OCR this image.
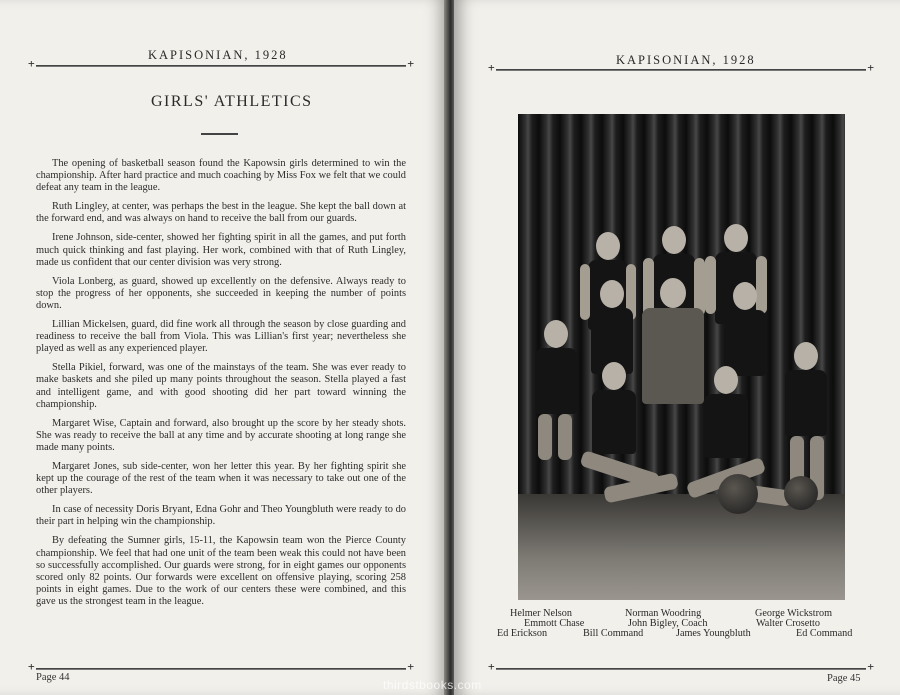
KAPISONIAN, 1928
+ +
GIRLS' ATHLETICS

The opening of basketball season found the Kapowsin girls determined to win the championship. After hard practice and much coaching by Miss Fox we felt that we could defeat any team in the league.

Ruth Lingley, at center, was perhaps the best in the league. She kept the ball down at the forward end, and was always on hand to receive the ball from our guards.

Irene Johnson, side-center, showed her fighting spirit in all the games, and put forth much quick thinking and fast playing. Her work, combined with that of Ruth Lingley, made us confident that our center division was very strong.

Viola Lonberg, as guard, showed up excellently on the defensive. Always ready to stop the progress of her opponents, she succeeded in keeping the number of points down.

Lillian Mickelsen, guard, did fine work all through the season by close guarding and readiness to receive the ball from Viola. This was Lillian's first year; nevertheless she played as well as any experienced player.

Stella Pikiel, forward, was one of the mainstays of the team. She was ever ready to make baskets and she piled up many points throughout the season. Stella played a fast and intelligent game, and with good shooting did her part toward winning the championship.

Margaret Wise, Captain and forward, also brought up the score by her steady shots. She was ready to receive the ball at any time and by accurate shooting at long range she made many points.

Margaret Jones, sub side-center, won her letter this year. By her fighting spirit she kept up the courage of the rest of the team when it was necessary to take out one of the other players.

In case of necessity Doris Bryant, Edna Gohr and Theo Youngbluth were ready to do their part in helping win the championship.

By defeating the Sumner girls, 15-11, the Kapowsin team won the Pierce County championship. We feel that had one unit of the team been weak this could not have been so successfully accomplished. Our guards were strong, for in eight games our opponents scored only 82 points. Our forwards were excellent on offensive playing, scoring 258 points in eight games. Due to the work of our centers these were combined, and this gave us the strongest team in the league.

+ +
Page 44
KAPISONIAN, 1928
+ +
Helmer Nelson	Norman Woodring	George Wickstrom
Emmott Chase	John Bigley, Coach	Walter Crosetto
Ed Erickson	Bill Command	James Youngbluth	Ed Command
+ +
Page 45
thirdstbooks.com
